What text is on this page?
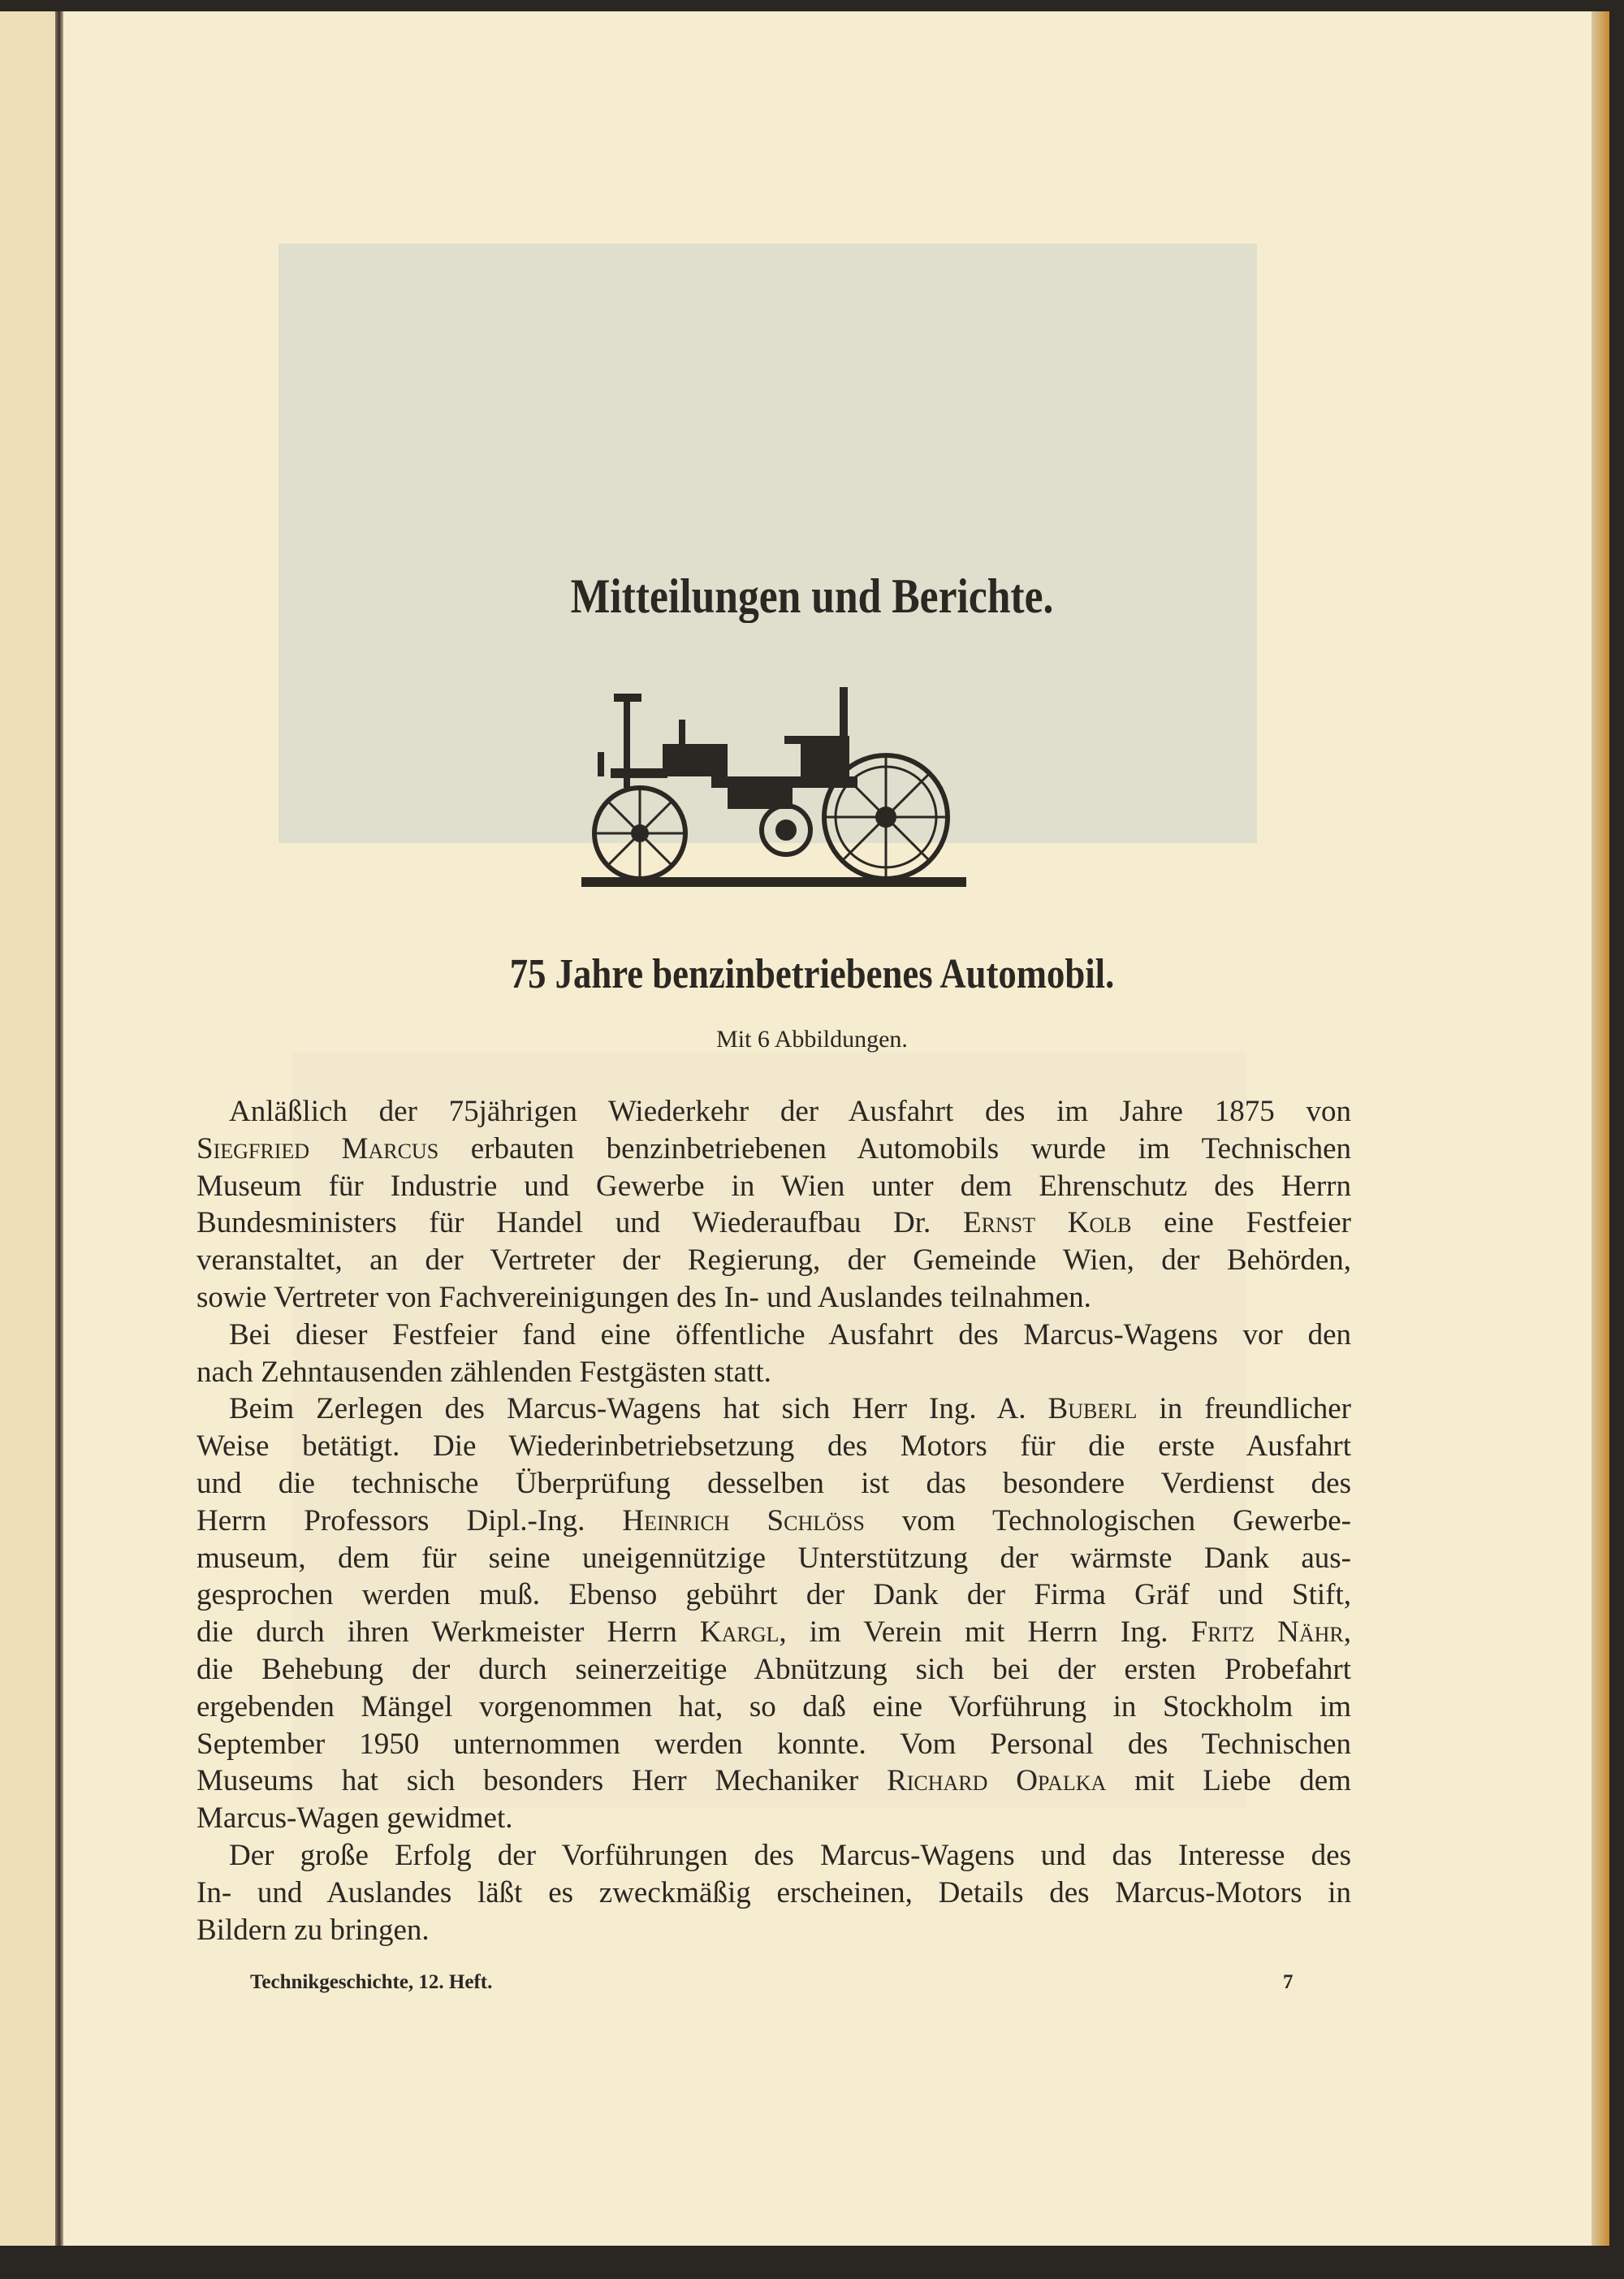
Mitteilungen und Berichte.
75 Jahre benzinbetriebenes Automobil.
Mit 6 Abbildungen.
Anläßlich der 75jährigen Wiederkehr der Ausfahrt des im Jahre 1875 von
Siegfried Marcus erbauten benzinbetriebenen Automobils wurde im Technischen
Museum für Industrie und Gewerbe in Wien unter dem Ehrenschutz des Herrn
Bundesministers für Handel und Wiederaufbau Dr. Ernst Kolb eine Festfeier
veranstaltet, an der Vertreter der Regierung, der Gemeinde Wien, der Behörden,
sowie Vertreter von Fachvereinigungen des In- und Auslandes teilnahmen.
Bei dieser Festfeier fand eine öffentliche Ausfahrt des Marcus-Wagens vor den
nach Zehntausenden zählenden Festgästen statt.
Beim Zerlegen des Marcus-Wagens hat sich Herr Ing. A. Buberl in freundlicher
Weise betätigt. Die Wiederinbetriebsetzung des Motors für die erste Ausfahrt
und die technische Überprüfung desselben ist das besondere Verdienst des
Herrn Professors Dipl.-Ing. Heinrich Schlöss vom Technologischen Gewerbe-
museum, dem für seine uneigennützige Unterstützung der wärmste Dank aus-
gesprochen werden muß. Ebenso gebührt der Dank der Firma Gräf und Stift,
die durch ihren Werkmeister Herrn Kargl, im Verein mit Herrn Ing. Fritz Nähr,
die Behebung der durch seinerzeitige Abnützung sich bei der ersten Probefahrt
ergebenden Mängel vorgenommen hat, so daß eine Vorführung in Stockholm im
September 1950 unternommen werden konnte. Vom Personal des Technischen
Museums hat sich besonders Herr Mechaniker Richard Opalka mit Liebe dem
Marcus-Wagen gewidmet.
Der große Erfolg der Vorführungen des Marcus-Wagens und das Interesse des
In- und Auslandes läßt es zweckmäßig erscheinen, Details des Marcus-Motors in
Bildern zu bringen.
Technikgeschichte, 12. Heft.	7
